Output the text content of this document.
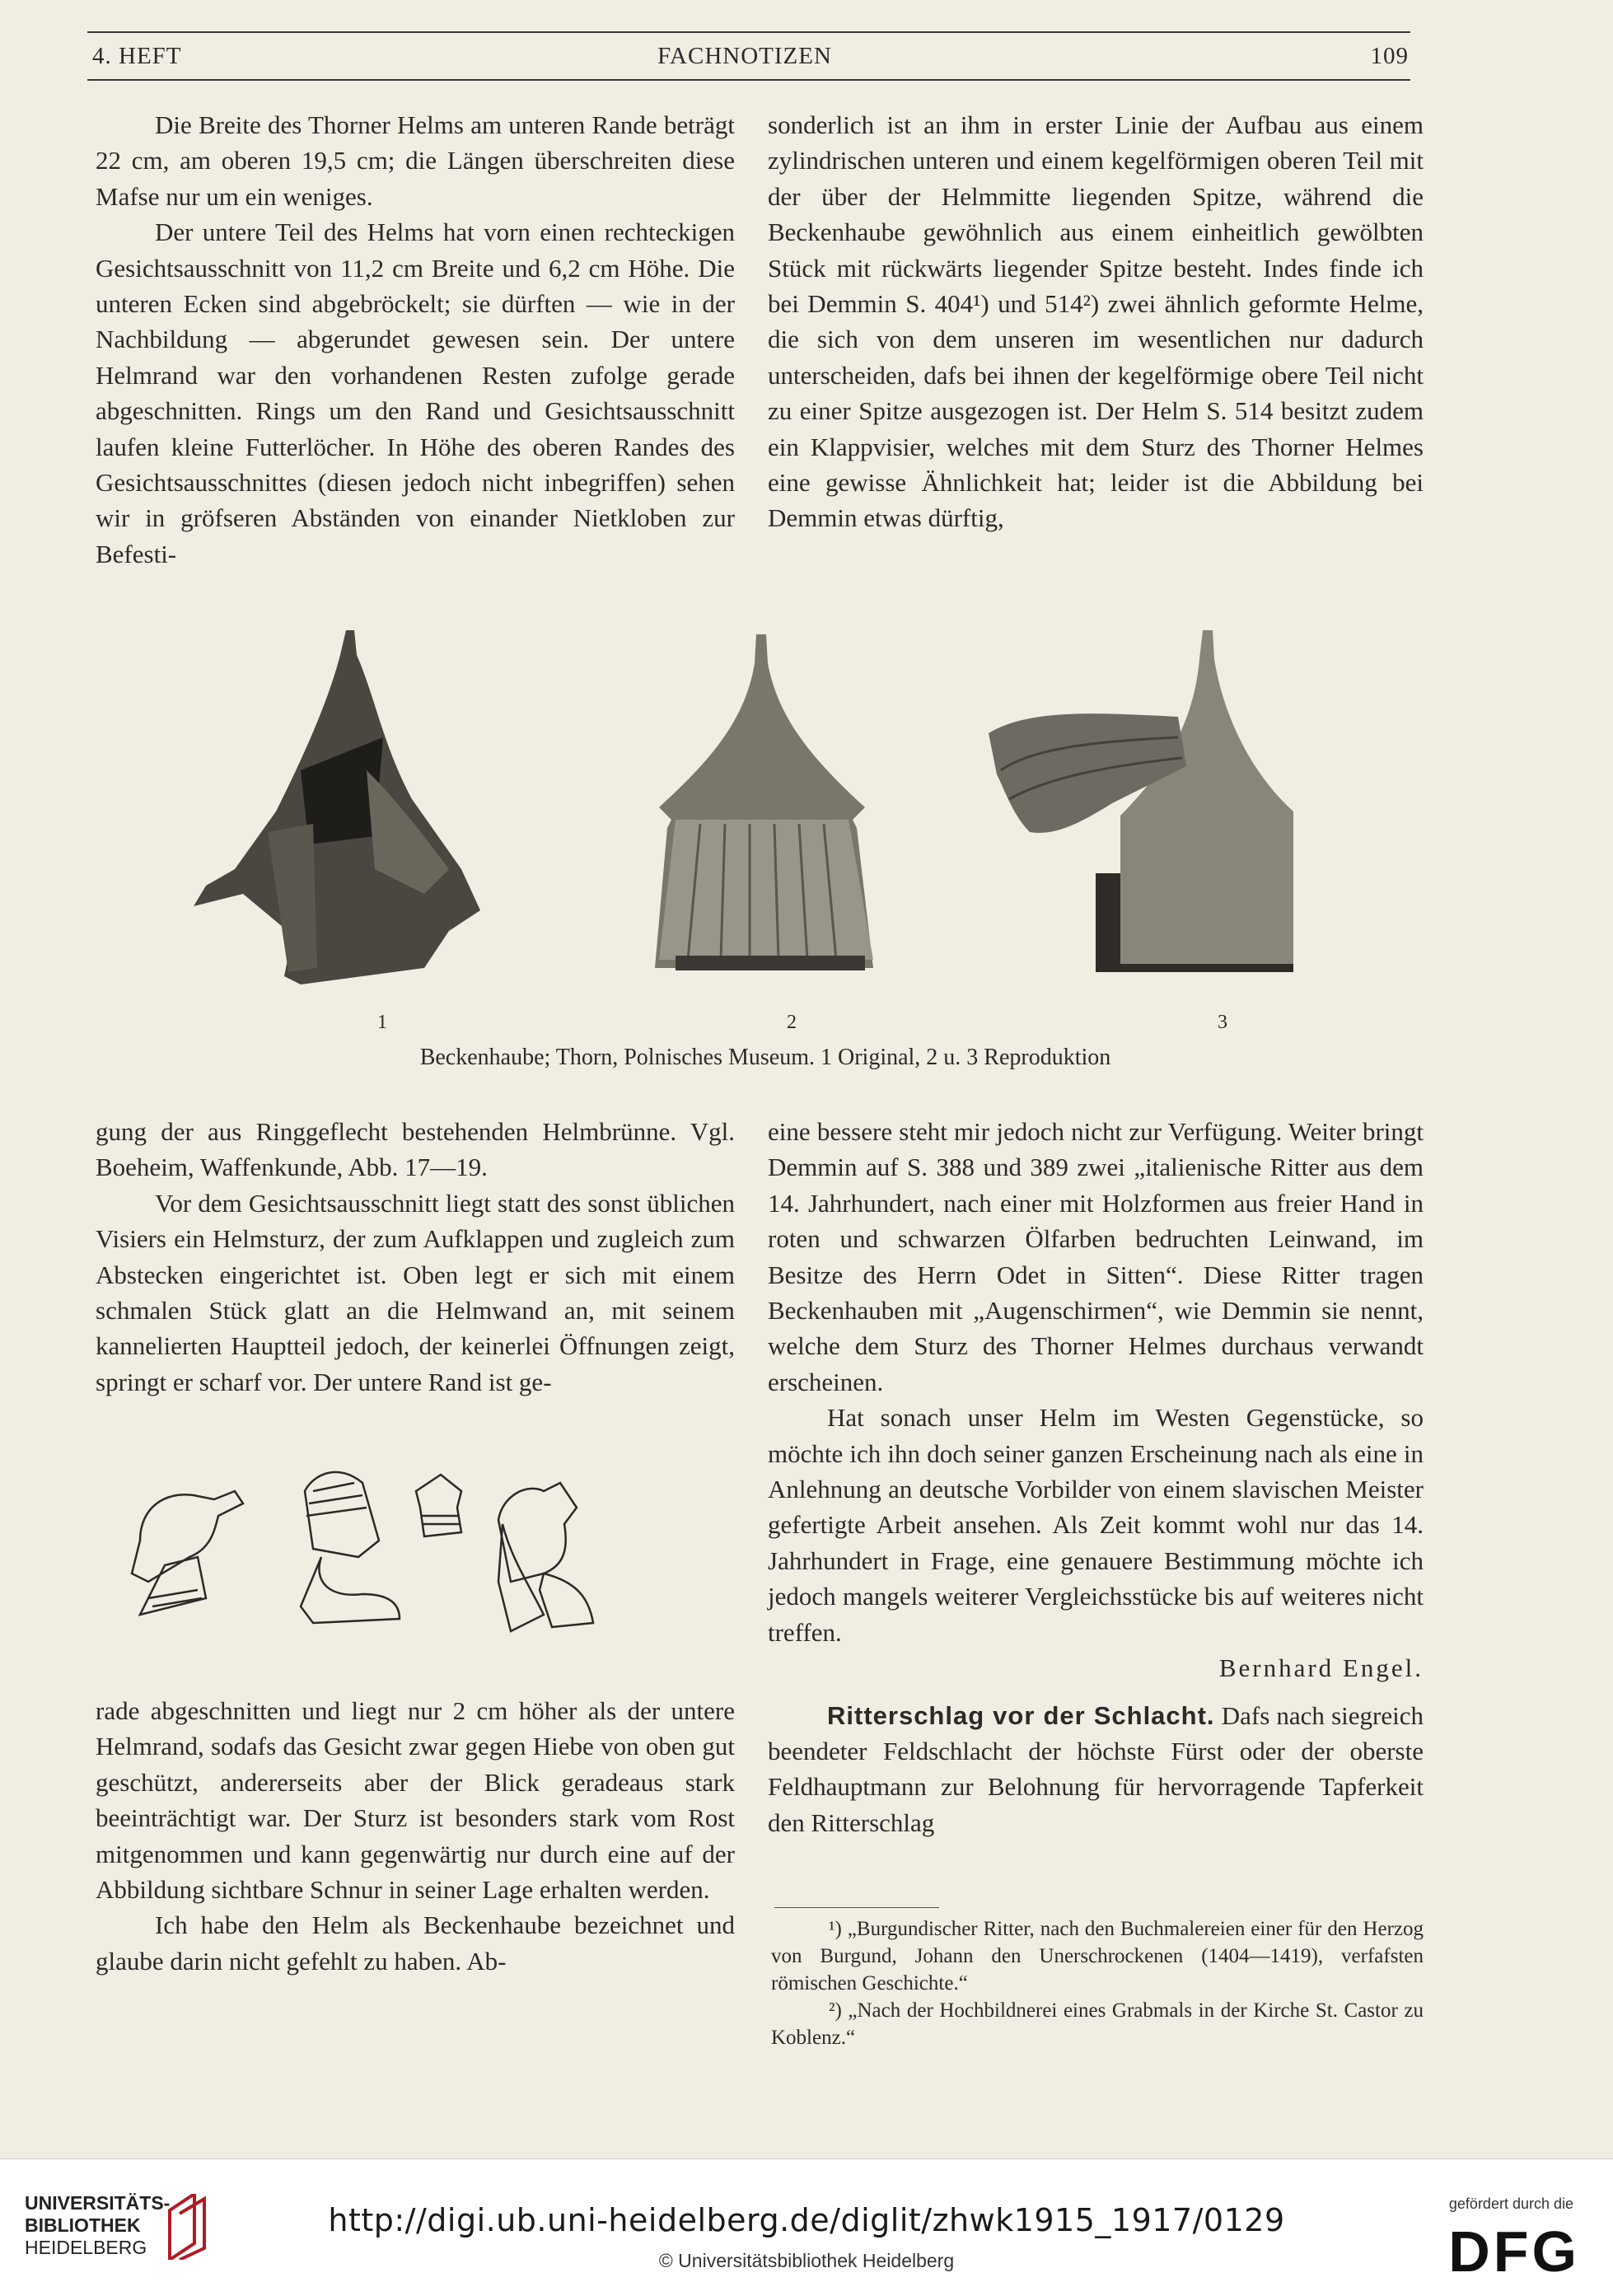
4. HEFT	FACHNOTIZEN	109

Die Breite des Thorner Helms am unteren Rande beträgt 22 cm, am oberen 19,5 cm; die Längen überschreiten diese Mafse nur um ein weniges.

Der untere Teil des Helms hat vorn einen rechteckigen Gesichtsausschnitt von 11,2 cm Breite und 6,2 cm Höhe. Die unteren Ecken sind abgebröckelt; sie dürften — wie in der Nachbildung — abgerundet gewesen sein. Der untere Helmrand war den vorhandenen Resten zufolge gerade abgeschnitten. Rings um den Rand und Gesichtsausschnitt laufen kleine Futterlöcher. In Höhe des oberen Randes des Gesichtsausschnittes (diesen jedoch nicht inbegriffen) sehen wir in gröfseren Abständen von einander Nietkloben zur Befesti-

sonderlich ist an ihm in erster Linie der Aufbau aus einem zylindrischen unteren und einem kegelförmigen oberen Teil mit der über der Helmmitte liegenden Spitze, während die Beckenhaube gewöhnlich aus einem einheitlich gewölbten Stück mit rückwärts liegender Spitze besteht. Indes finde ich bei Demmin S. 404¹) und 514²) zwei ähnlich geformte Helme, die sich von dem unseren im wesentlichen nur dadurch unterscheiden, dafs bei ihnen der kegelförmige obere Teil nicht zu einer Spitze ausgezogen ist. Der Helm S. 514 besitzt zudem ein Klappvisier, welches mit dem Sturz des Thorner Helmes eine gewisse Ähnlichkeit hat; leider ist die Abbildung bei Demmin etwas dürftig,

1	2	3
Beckenhaube; Thorn, Polnisches Museum. 1 Original, 2 u. 3 Reproduktion

gung der aus Ringgeflecht bestehenden Helmbrünne. Vgl. Boeheim, Waffenkunde, Abb. 17—19.

Vor dem Gesichtsausschnitt liegt statt des sonst üblichen Visiers ein Helmsturz, der zum Aufklappen und zugleich zum Abstecken eingerichtet ist. Oben legt er sich mit einem schmalen Stück glatt an die Helmwand an, mit seinem kannelierten Hauptteil jedoch, der keinerlei Öffnungen zeigt, springt er scharf vor. Der untere Rand ist ge-

rade abgeschnitten und liegt nur 2 cm höher als der untere Helmrand, sodafs das Gesicht zwar gegen Hiebe von oben gut geschützt, andererseits aber der Blick geradeaus stark beeinträchtigt war. Der Sturz ist besonders stark vom Rost mitgenommen und kann gegenwärtig nur durch eine auf der Abbildung sichtbare Schnur in seiner Lage erhalten werden.

Ich habe den Helm als Beckenhaube bezeichnet und glaube darin nicht gefehlt zu haben. Ab-

eine bessere steht mir jedoch nicht zur Verfügung. Weiter bringt Demmin auf S. 388 und 389 zwei „italienische Ritter aus dem 14. Jahrhundert, nach einer mit Holzformen aus freier Hand in roten und schwarzen Ölfarben bedruchten Leinwand, im Besitze des Herrn Odet in Sitten“. Diese Ritter tragen Beckenhauben mit „Augenschirmen“, wie Demmin sie nennt, welche dem Sturz des Thorner Helmes durchaus verwandt erscheinen.

Hat sonach unser Helm im Westen Gegenstücke, so möchte ich ihn doch seiner ganzen Erscheinung nach als eine in Anlehnung an deutsche Vorbilder von einem slavischen Meister gefertigte Arbeit ansehen. Als Zeit kommt wohl nur das 14. Jahrhundert in Frage, eine genauere Bestimmung möchte ich jedoch mangels weiterer Vergleichsstücke bis auf weiteres nicht treffen.

Bernhard Engel.

Ritterschlag vor der Schlacht. Dafs nach siegreich beendeter Feldschlacht der höchste Fürst oder der oberste Feldhauptmann zur Belohnung für hervorragende Tapferkeit den Ritterschlag

¹) „Burgundischer Ritter, nach den Buchmalereien einer für den Herzog von Burgund, Johann den Unerschrockenen (1404—1419), verfafsten römischen Geschichte.“

²) „Nach der Hochbildnerei eines Grabmals in der Kirche St. Castor zu Koblenz.“

UNIVERSITÄTS-
BIBLIOTHEK
HEIDELBERG
http://digi.ub.uni-heidelberg.de/diglit/zhwk1915_1917/0129
© Universitätsbibliothek Heidelberg
gefördert durch die
DFG
